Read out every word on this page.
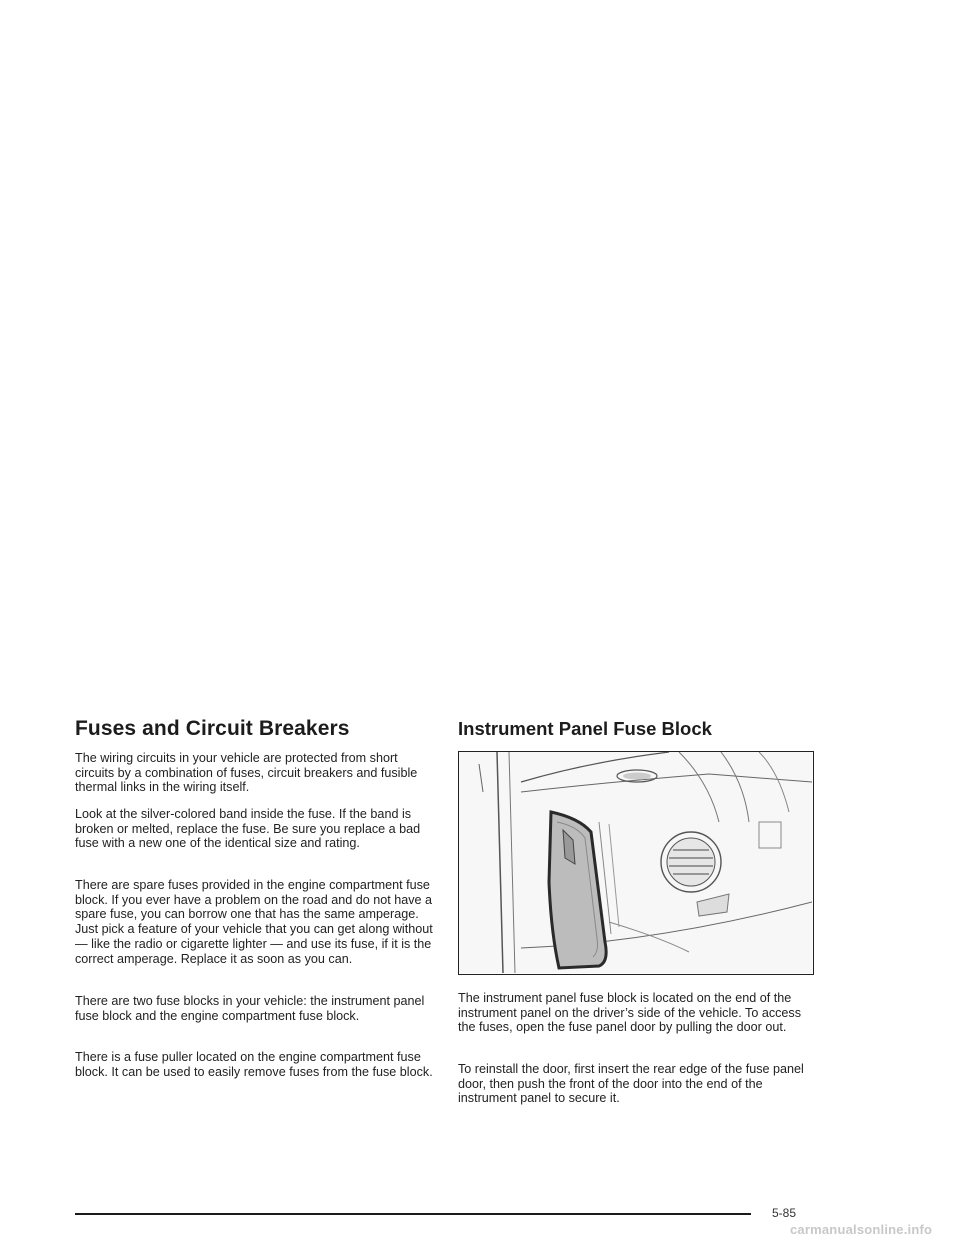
Fuses and Circuit Breakers

The wiring circuits in your vehicle are protected from short circuits by a combination of fuses, circuit breakers and fusible thermal links in the wiring itself.

Look at the silver-colored band inside the fuse. If the band is broken or melted, replace the fuse. Be sure you replace a bad fuse with a new one of the identical size and rating.

There are spare fuses provided in the engine compartment fuse block. If you ever have a problem on the road and do not have a spare fuse, you can borrow one that has the same amperage. Just pick a feature of your vehicle that you can get along without — like the radio or cigarette lighter — and use its fuse, if it is the correct amperage. Replace it as soon as you can.

There are two fuse blocks in your vehicle: the instrument panel fuse block and the engine compartment fuse block.

There is a fuse puller located on the engine compartment fuse block. It can be used to easily remove fuses from the fuse block.

Instrument Panel Fuse Block

The instrument panel fuse block is located on the end of the instrument panel on the driver’s side of the vehicle. To access the fuses, open the fuse panel door by pulling the door out.

To reinstall the door, first insert the rear edge of the fuse panel door, then push the front of the door into the end of the instrument panel to secure it.

5-85
carmanualsonline.info
